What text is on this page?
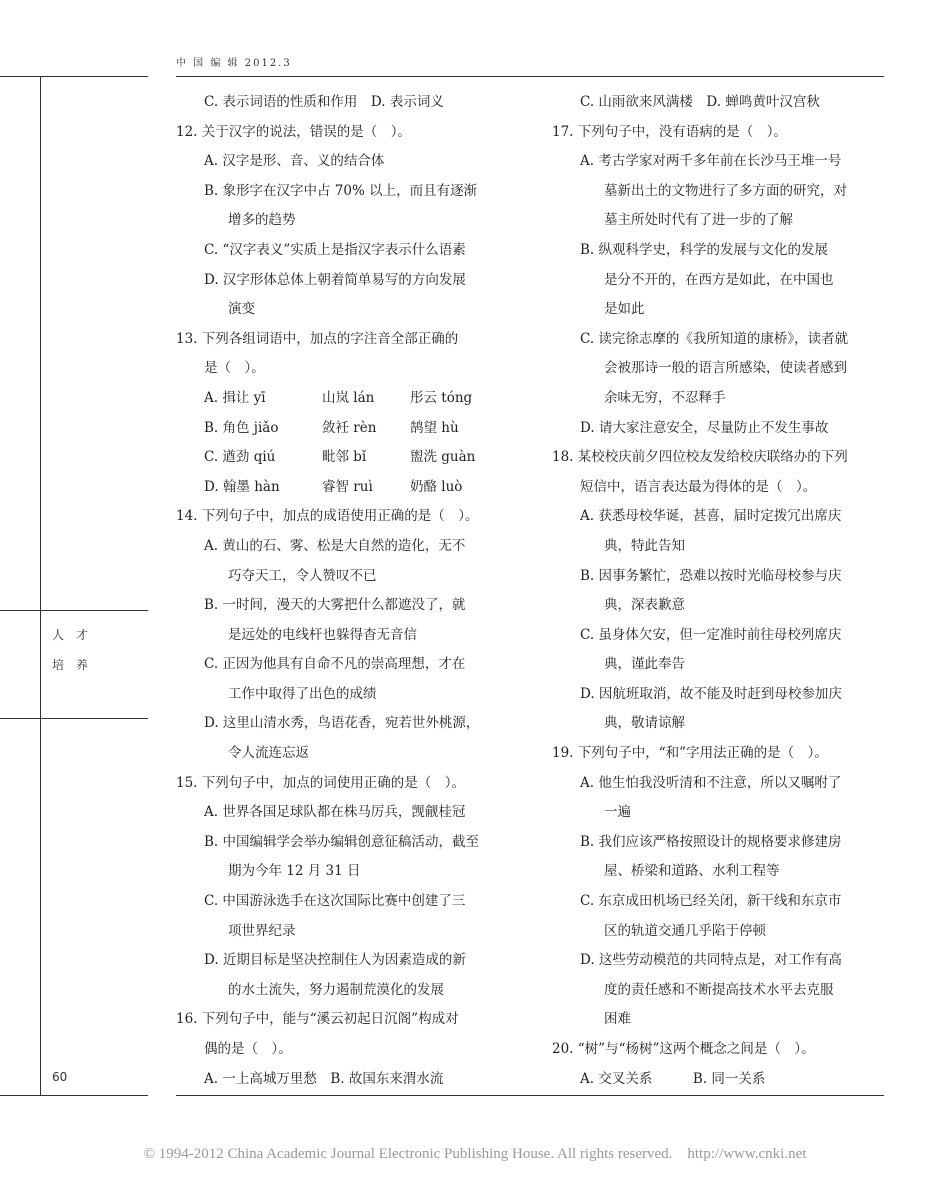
中 国 编 辑 2012.3
人 才
培 养
60
C. 表示词语的性质和作用　D. 表示词义
12. 关于汉字的说法，错误的是（　）。
A. 汉字是形、音、义的结合体
B. 象形字在汉字中占 70% 以上，而且有逐渐
增多的趋势
C. “汉字表义”实质上是指汉字表示什么语素
D. 汉字形体总体上朝着简单易写的方向发展
演变
13. 下列各组词语中，加点的字注音全部正确的
是（　）。
A. 揖让 yī	山岚 lán	彤云 tóng
B. 角色 jiǎo	敛衽 rèn 鹄望 hù
C. 遒劲 qiú	毗邻 bǐ	盥洗 guàn
D. 翰墨 hàn	睿智 ruì	奶酪 luò
14. 下列句子中，加点的成语使用正确的是（　）。
A. 黄山的石、雾、松是大自然的造化，无不
巧夺天工，令人赞叹不已
B. 一时间，漫天的大雾把什么都遮没了，就
是远处的电线杆也躲得杳无音信
C. 正因为他具有自命不凡的崇高理想，才在
工作中取得了出色的成绩
D. 这里山清水秀，鸟语花香，宛若世外桃源，
令人流连忘返
15. 下列句子中，加点的词使用正确的是（　）。
A. 世界各国足球队都在株马厉兵，觊觎桂冠
B. 中国编辑学会举办编辑创意征稿活动，截至
期为今年 12 月 31 日
C. 中国游泳选手在这次国际比赛中创建了三
项世界纪录
D. 近期目标是坚决控制住人为因素造成的新
的水土流失，努力遏制荒漠化的发展
16. 下列句子中，能与“溪云初起日沉阁”构成对
偶的是（　）。
A. 一上高城万里愁　B. 故国东来渭水流
C. 山雨欲来风满楼　D. 蝉鸣黄叶汉宫秋
17. 下列句子中，没有语病的是（　）。
A. 考古学家对两千多年前在长沙马王堆一号
墓新出土的文物进行了多方面的研究，对
墓主所处时代有了进一步的了解
B. 纵观科学史，科学的发展与文化的发展
是分不开的，在西方是如此，在中国也
是如此
C. 读完徐志摩的《我所知道的康桥》，读者就
会被那诗一般的语言所感染，使读者感到
余味无穷，不忍释手
D. 请大家注意安全，尽量防止不发生事故
18. 某校校庆前夕四位校友发给校庆联络办的下列
短信中，语言表达最为得体的是（　）。
A. 获悉母校华诞，甚喜，届时定拨冗出席庆
典，特此告知
B. 因事务繁忙，恐难以按时光临母校参与庆
典，深表歉意
C. 虽身体欠安，但一定准时前往母校列席庆
典，谨此奉告
D. 因航班取消，故不能及时赶到母校参加庆
典，敬请谅解
19. 下列句子中，“和”字用法正确的是（　）。
A. 他生怕我没听清和不注意，所以又嘱咐了
一遍
B. 我们应该严格按照设计的规格要求修建房
屋、桥梁和道路、水利工程等
C. 东京成田机场已经关闭，新干线和东京市
区的轨道交通几乎陷于停顿
D. 这些劳动模范的共同特点是，对工作有高
度的责任感和不断提高技术水平去克服
困难
20. “树”与“杨树”这两个概念之间是（　）。
A. 交叉关系　　　B. 同一关系
© 1994-2012 China Academic Journal Electronic Publishing House. All rights reserved.　http://www.cnki.net
